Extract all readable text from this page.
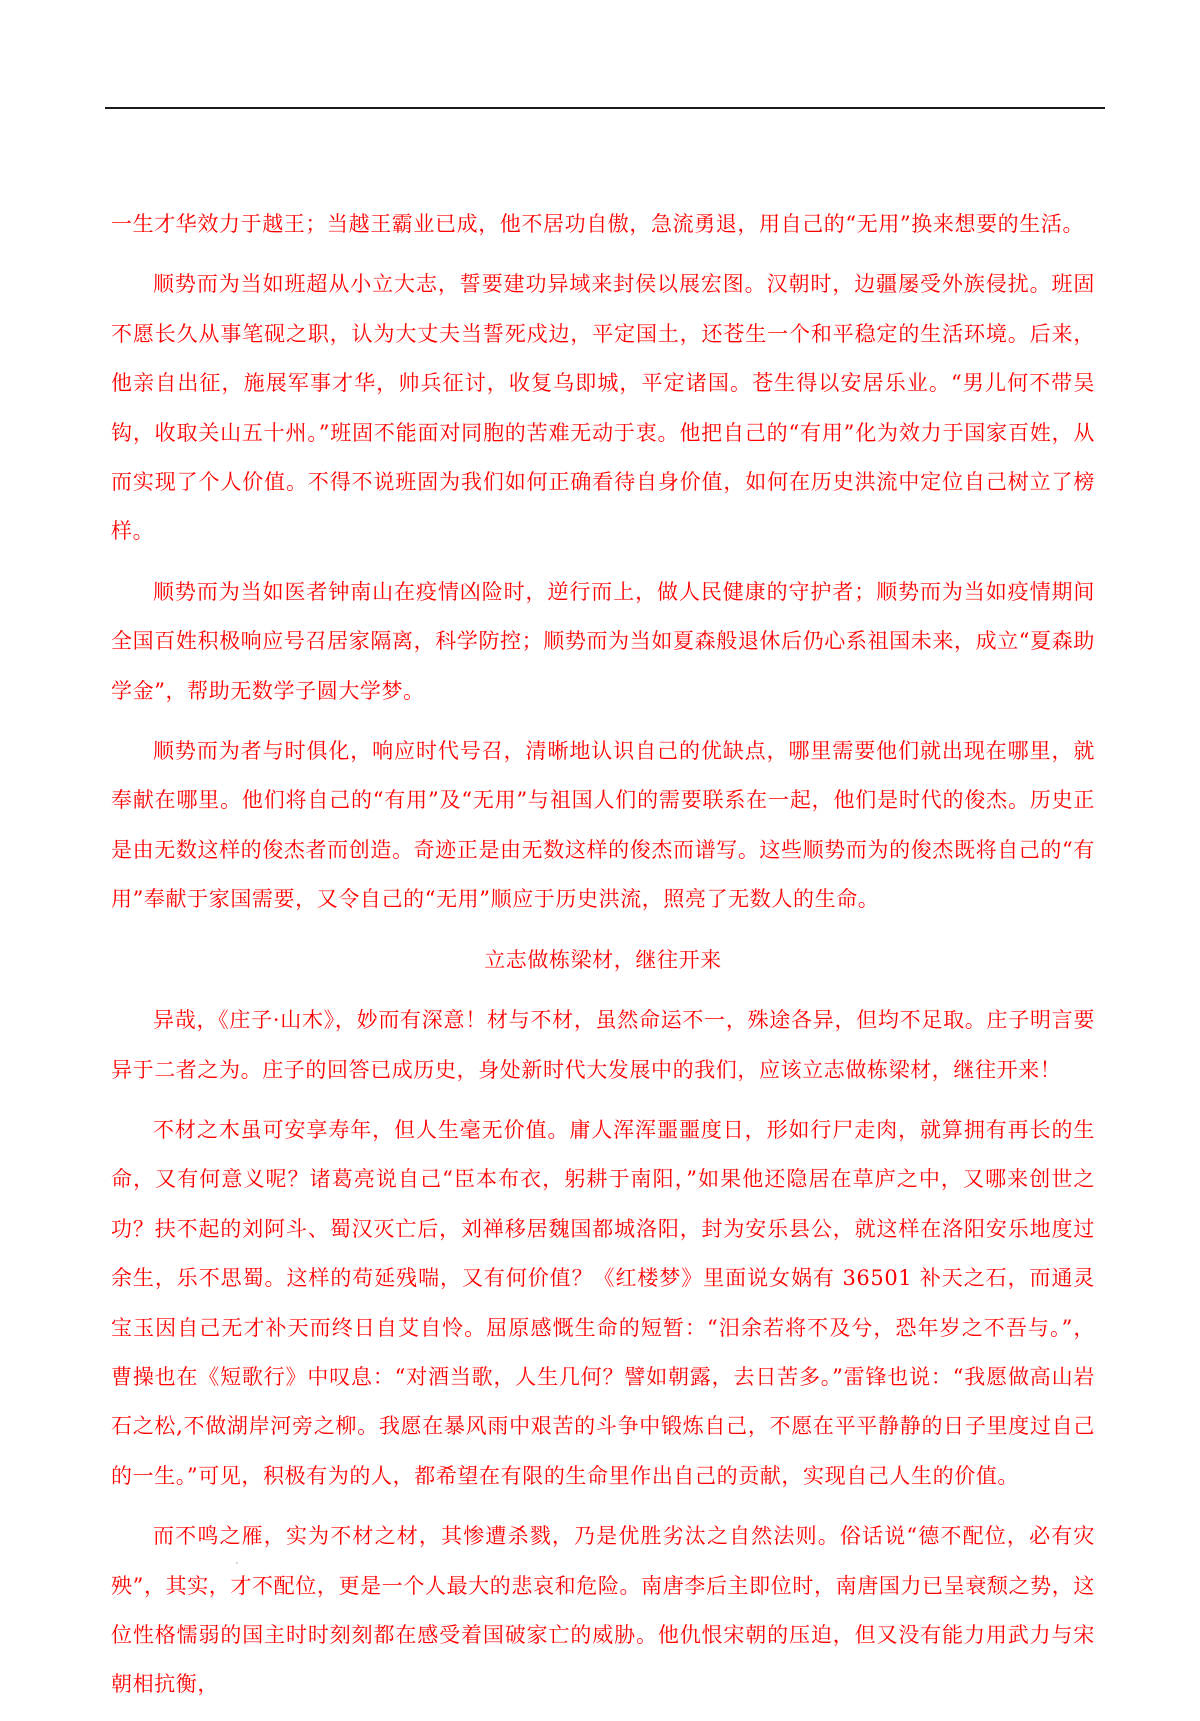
一生才华效力于越王；当越王霸业已成，他不居功自傲，急流勇退，用自己的“无用”换来想要的生活。

顺势而为当如班超从小立大志，誓要建功异域来封侯以展宏图。汉朝时，边疆屡受外族侵扰。班固不愿长久从事笔砚之职，认为大丈夫当誓死戍边，平定国土，还苍生一个和平稳定的生活环境。后来，他亲自出征，施展军事才华，帅兵征讨，收复乌即城，平定诸国。苍生得以安居乐业。“男儿何不带吴钩，收取关山五十州。”班固不能面对同胞的苦难无动于衷。他把自己的“有用”化为效力于国家百姓，从而实现了个人价值。不得不说班固为我们如何正确看待自身价值，如何在历史洪流中定位自己树立了榜样。

顺势而为当如医者钟南山在疫情凶险时，逆行而上，做人民健康的守护者；顺势而为当如疫情期间全国百姓积极响应号召居家隔离，科学防控；顺势而为当如夏森般退休后仍心系祖国未来，成立“夏森助学金”，帮助无数学子圆大学梦。

顺势而为者与时俱化，响应时代号召，清晰地认识自己的优缺点，哪里需要他们就出现在哪里，就奉献在哪里。他们将自己的“有用”及“无用”与祖国人们的需要联系在一起，他们是时代的俊杰。历史正是由无数这样的俊杰者而创造。奇迹正是由无数这样的俊杰而谱写。这些顺势而为的俊杰既将自己的“有用”奉献于家国需要，又令自己的“无用”顺应于历史洪流，照亮了无数人的生命。

立志做栋梁材，继往开来

异哉，《庄子·山木》，妙而有深意！材与不材，虽然命运不一，殊途各异，但均不足取。庄子明言要异于二者之为。庄子的回答已成历史，身处新时代大发展中的我们，应该立志做栋梁材，继往开来！

不材之木虽可安享寿年，但人生毫无价值。庸人浑浑噩噩度日，形如行尸走肉，就算拥有再长的生命，又有何意义呢？诸葛亮说自己“臣本布衣，躬耕于南阳，”如果他还隐居在草庐之中，又哪来创世之功？扶不起的刘阿斗、蜀汉灭亡后，刘禅移居魏国都城洛阳，封为安乐县公，就这样在洛阳安乐地度过余生，乐不思蜀。这样的苟延残喘，又有何价值？《红楼梦》里面说女娲有 36501 补天之石，而通灵宝玉因自己无才补天而终日自艾自怜。屈原感慨生命的短暂：“汨余若将不及兮，恐年岁之不吾与。”，曹操也在《短歌行》中叹息：“对酒当歌，人生几何？譬如朝露，去日苦多。”雷锋也说：“我愿做高山岩石之松,不做湖岸河旁之柳。我愿在暴风雨中艰苦的斗争中锻炼自己，不愿在平平静静的日子里度过自己的一生。”可见，积极有为的人，都希望在有限的生命里作出自己的贡献，实现自己人生的价值。

而不鸣之雁，实为不材之材，其惨遭杀戮，乃是优胜劣汰之自然法则。俗话说“德不配位，必有灾殃”，其实，才不配位，更是一个人最大的悲哀和危险。南唐李后主即位时，南唐国力已呈衰颓之势，这位性格懦弱的国主时时刻刻都在感受着国破家亡的威胁。他仇恨宋朝的压迫，但又没有能力用武力与宋朝相抗衡，
